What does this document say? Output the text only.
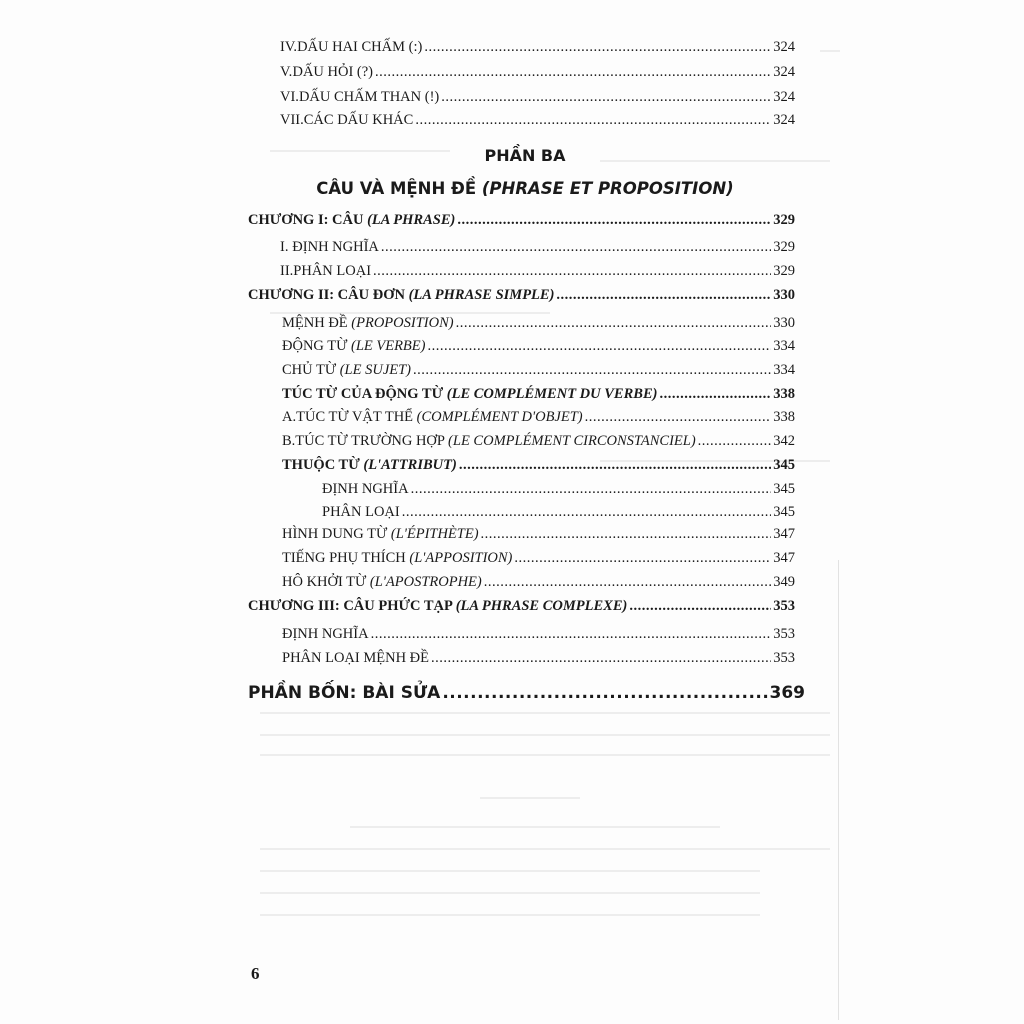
PHẦN BA
CÂU VÀ MỆNH ĐỀ (PHRASE ET PROPOSITION)
PHẦN BỐN: BÀI SỬA .....	369
6
IV. DẤU HAI CHẤM (:) .....	324
V. DẤU HỎI (?) .....	324
VI. DẤU CHẤM THAN (!) .....	324
VII. CÁC DẤU KHÁC .....	324
CHƯƠNG I: CÂU (LA PHRASE) .....	329
I. ĐỊNH NGHĨA .....	329
II. PHÂN LOẠI .....	329
CHƯƠNG II: CÂU ĐƠN (LA PHRASE SIMPLE) .....	330
MỆNH ĐỀ (PROPOSITION) .....	330
ĐỘNG TỪ (LE VERBE) .....	334
CHỦ TỪ (LE SUJET) .....	334
TÚC TỪ CỦA ĐỘNG TỪ (LE COMPLÉMENT DU VERBE) .....	338
A. TÚC TỪ VẬT THỂ (COMPLÉMENT D'OBJET) .....	338
B. TÚC TỪ TRƯỜNG HỢP (LE COMPLÉMENT CIRCONSTANCIEL) .....	342
THUỘC TỪ (L'ATTRIBUT) .....	345
ĐỊNH NGHĨA .....	345
PHÂN LOẠI .....	345
HÌNH DUNG TỪ (L'ÉPITHÈTE) .....	347
TIẾNG PHỤ THÍCH (L'APPOSITION) .....	347
HÔ KHỞI TỪ (L'APOSTROPHE) .....	349
CHƯƠNG III: CÂU PHỨC TẠP (LA PHRASE COMPLEXE) .....	353
ĐỊNH NGHĨA .....	353
PHÂN LOẠI MỆNH ĐỀ .....	353
